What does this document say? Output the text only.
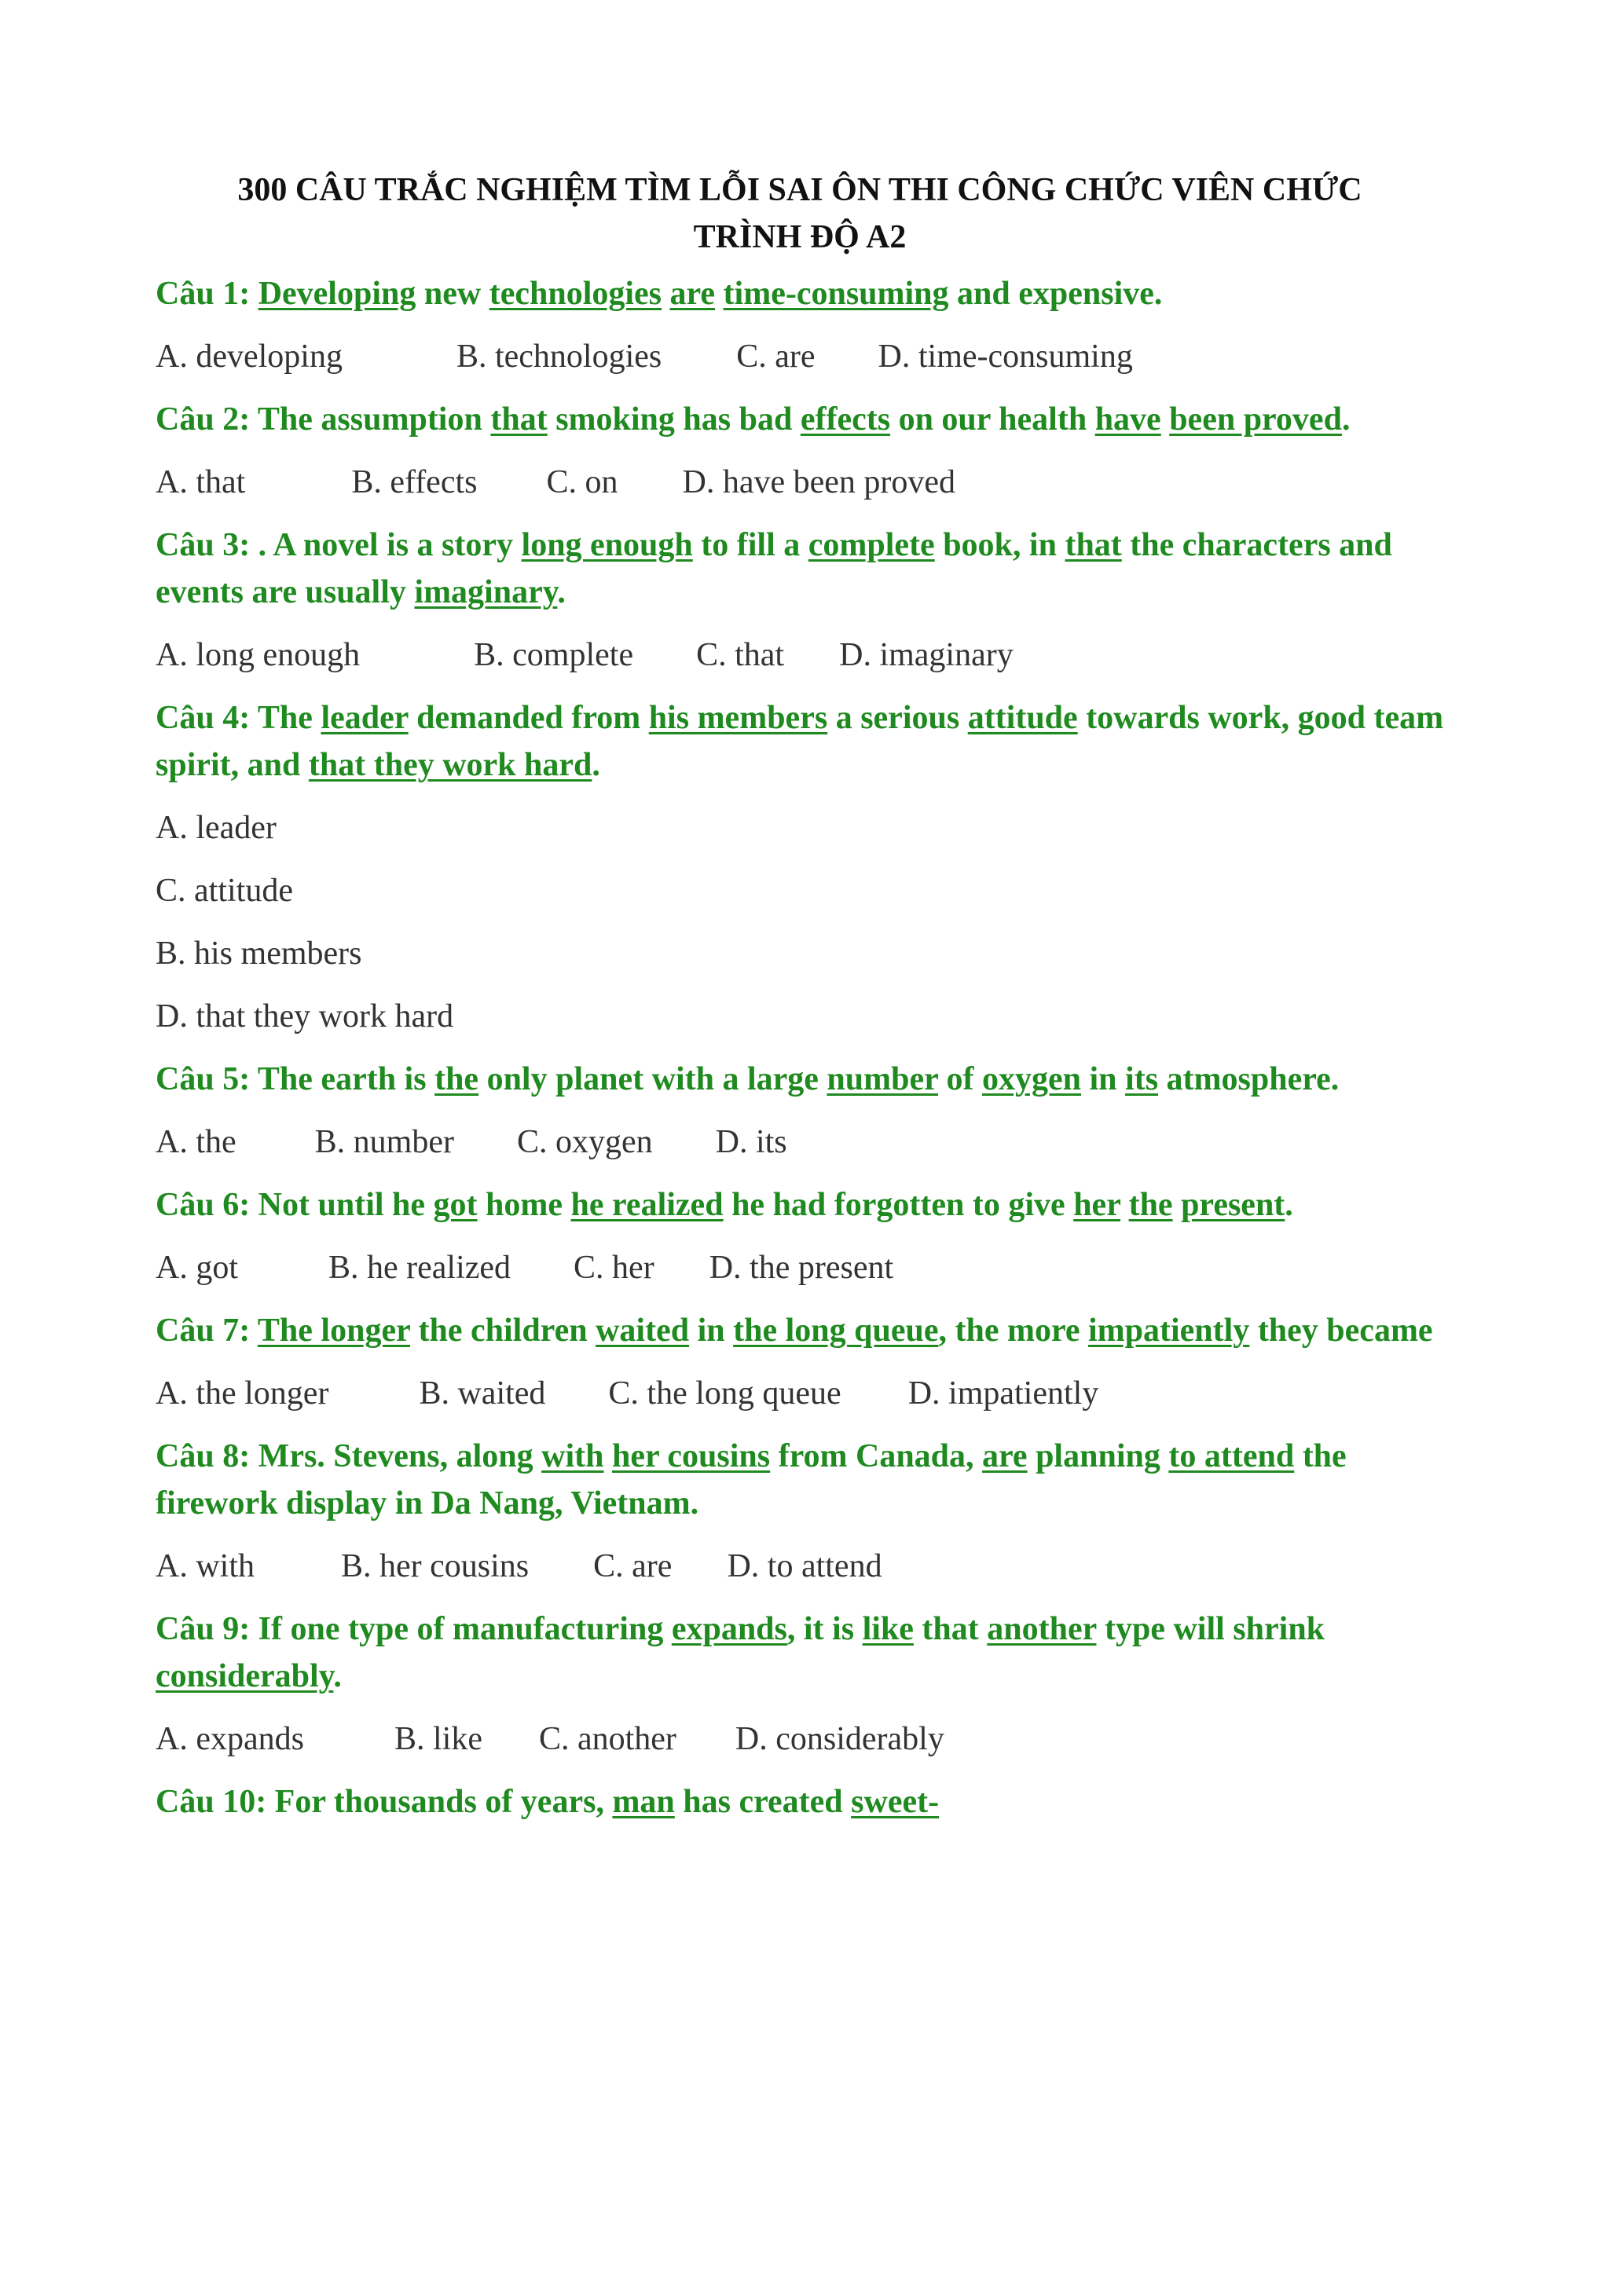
300 CÂU TRẮC NGHIỆM TÌM LỖI SAI ÔN THI CÔNG CHỨC VIÊN CHỨC
TRÌNH ĐỘ A2
Câu 1: Developing new technologies are time-consuming and expensive.
A. developing	B. technologies C. are D. time-consuming
Câu 2: The assumption that smoking has bad effects on our health have been proved.
A. that	B. effects C. on D. have been proved
Câu 3: . A novel is a story long enough to fill a complete book, in that the characters and events are usually imaginary.
A. long enough	B. complete C. that D. imaginary
Câu 4: The leader demanded from his members a serious attitude towards work, good team spirit, and that they work hard.
A. leader
C. attitude
B. his members
D. that they work hard
Câu 5: The earth is the only planet with a large number of oxygen in its atmosphere.
A. the B. number C. oxygen D. its
Câu 6: Not until he got home he realized he had forgotten to give her the present.
A. got	B. he realized C. her D. the present
Câu 7: The longer the children waited in the long queue, the more impatiently they became
A. the longer	B. waited C. the long queue D. impatiently
Câu 8: Mrs. Stevens, along with her cousins from Canada, are planning to attend the firework display in Da Nang, Vietnam.
A. with	B. her cousins C. are D. to attend
Câu 9: If one type of manufacturing expands, it is like that another type will shrink considerably.
A. expands	B. like C. another D. considerably
Câu 10: For thousands of years, man has created sweet-
